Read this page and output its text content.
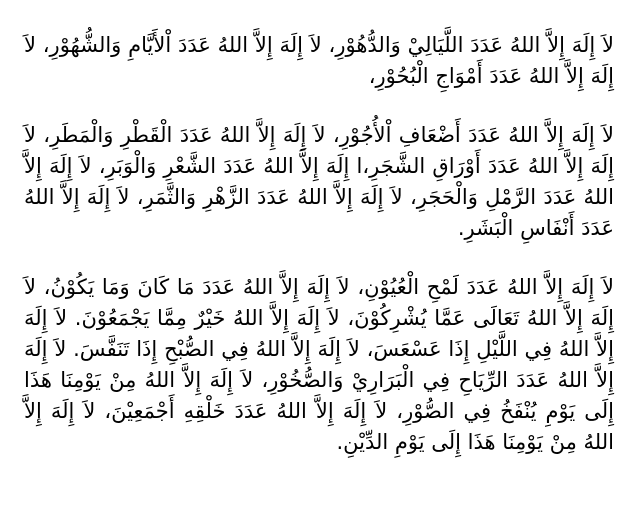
لاَ إِلَهَ إِلاَّ اللهُ عَدَدَ اللَّيَالِيْ وَالدُّهُوْرِ، لاَ إِلَهَ إِلاَّ اللهُ عَدَدَ اْلأَيَّامِ وَالشُّهُوْرِ، لاَ إِلَهَ إِلاَّ اللهُ عَدَدَ أَمْوَاجِ الْبُحُوْرِ،

لاَ إِلَهَ إِلاَّ اللهُ عَدَدَ أَضْعَافِ اْلأُجُوْرِ، لاَ إِلَهَ إِلاَّ اللهُ عَدَدَ الْقَطْرِ وَالْمَطَرِ، لاَ إِلَهَ إِلاَّ اللهُ عَدَدَ أَوْرَاقِ الشَّجَرِ،ا إِلَهَ إِلاَّ اللهُ عَدَدَ الشَّعْرِ وَالْوَبَرِ، لاَ إِلَهَ إِلاَّ اللهُ عَدَدَ الرَّمْلِ وَالْحَجَرِ، لاَ إِلَهَ إِلاَّ اللهُ عَدَدَ الزَّهْرِ وَالثَّمَرِ، لاَ إِلَهَ إِلاَّ اللهُ عَدَدَ أَنْفَاسِ الْبَشَرِ.

لاَ إِلَهَ إِلاَّ اللهُ عَدَدَ لَمْحِ الْعُيُوْنِ، لاَ إِلَهَ إِلاَّ اللهُ عَدَدَ مَا كَانَ وَمَا يَكُوْنُ، لاَ إِلَهَ إِلاَّ اللهُ تَعَالَى عَمَّا يُشْرِكُوْنَ، لاَ إِلَهَ إِلاَّ اللهُ خَيْرٌ مِمَّا يَجْمَعُوْنَ. لاَ إِلَهَ إِلاَّ اللهُ فِي اللَّيْلِ إِذَا عَسْعَسَ، لاَ إِلَهَ إِلاَّ اللهُ فِي الصُّبْحِ إِذَا تَنَفَّسَ. لاَ إِلَهَ إِلاَّ اللهُ عَدَدَ الرِّيَاحِ فِي الْبَرَارِيْ وَالصُّخُوْرِ، لاَ إِلَهَ إِلاَّ اللهُ مِنْ يَوْمِنَا هَذَا إِلَى يَوْمِ يُنْفَخُ فِي الصُّوْرِ، لاَ إِلَهَ إِلاَّ اللهُ عَدَدَ خَلْقِهِ أَجْمَعِيْنَ، لاَ إِلَهَ إِلاَّ اللهُ مِنْ يَوْمِنَا هَذَا إِلَى يَوْمِ الدِّيْنِ.
